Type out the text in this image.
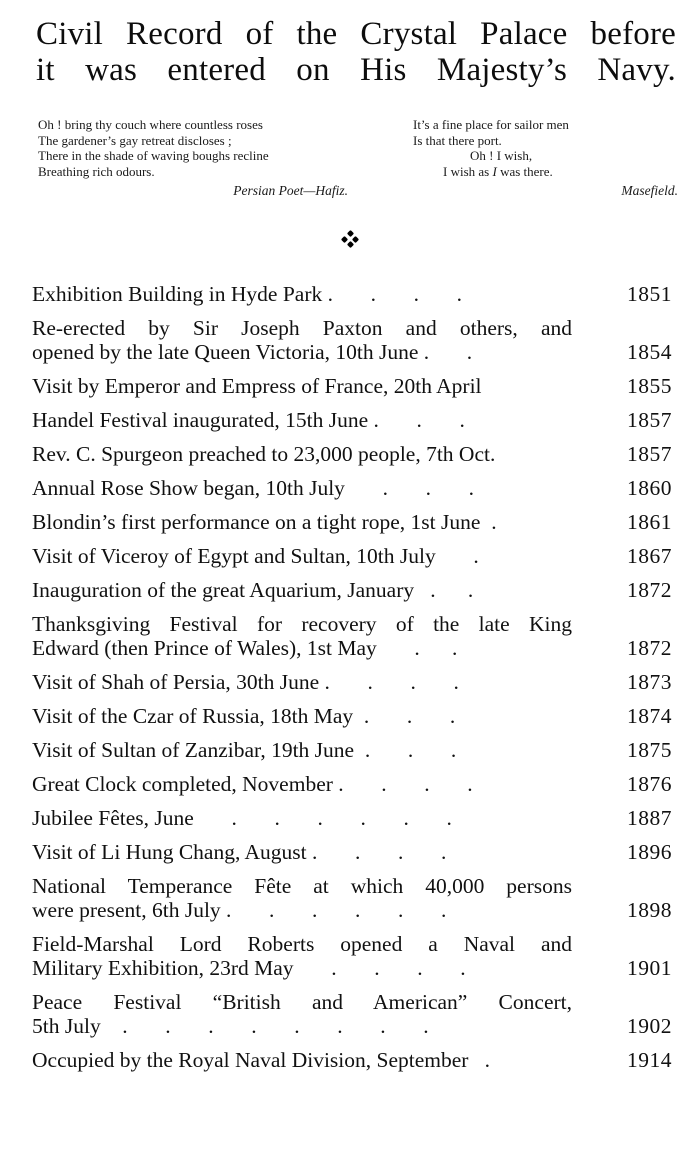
Civil Record of the Crystal Palace before
it was entered on His Majesty’s Navy.
Oh ! bring thy couch where countless roses
The gardener’s gay retreat discloses ;
There in the shade of waving boughs recline
Breathing rich odours.
Persian Poet—Hafiz.
It’s a fine place for sailor men
Is that there port.
Oh ! I wish,
I wish as I was there.
Masefield.
Exhibition Building in Hyde Park .       .       .       .	1851
Re-erected by Sir Joseph Paxton and others, and
opened by the late Queen Victoria, 10th June .       .	1854
Visit by Emperor and Empress of France, 20th April	1855
Handel Festival inaugurated, 15th June .       .       .	1857
Rev. C. Spurgeon preached to 23,000 people, 7th Oct.	1857
Annual Rose Show began, 10th July       .       .       .	1860
Blondin’s first performance on a tight rope, 1st June  .	1861
Visit of Viceroy of Egypt and Sultan, 10th July       .	1867
Inauguration of the great Aquarium, January   .      .	1872
Thanksgiving Festival for recovery of the late King
Edward (then Prince of Wales), 1st May       .      .	1872
Visit of Shah of Persia, 30th June .       .       .       .	1873
Visit of the Czar of Russia, 18th May  .       .       .	1874
Visit of Sultan of Zanzibar, 19th June  .       .       .	1875
Great Clock completed, November .       .       .       .	1876
Jubilee Fêtes, June       .       .       .       .       .       .	1887
Visit of Li Hung Chang, August .       .       .       .	1896
National Temperance Fête at which 40,000 persons
were present, 6th July .       .       .       .       .       .	1898
Field-Marshal Lord Roberts opened a Naval and
Military Exhibition, 23rd May       .       .       .       .	1901
Peace Festival “British and American” Concert,
5th July    .       .       .       .       .       .       .       .	1902
Occupied by the Royal Naval Division, September   .	1914
